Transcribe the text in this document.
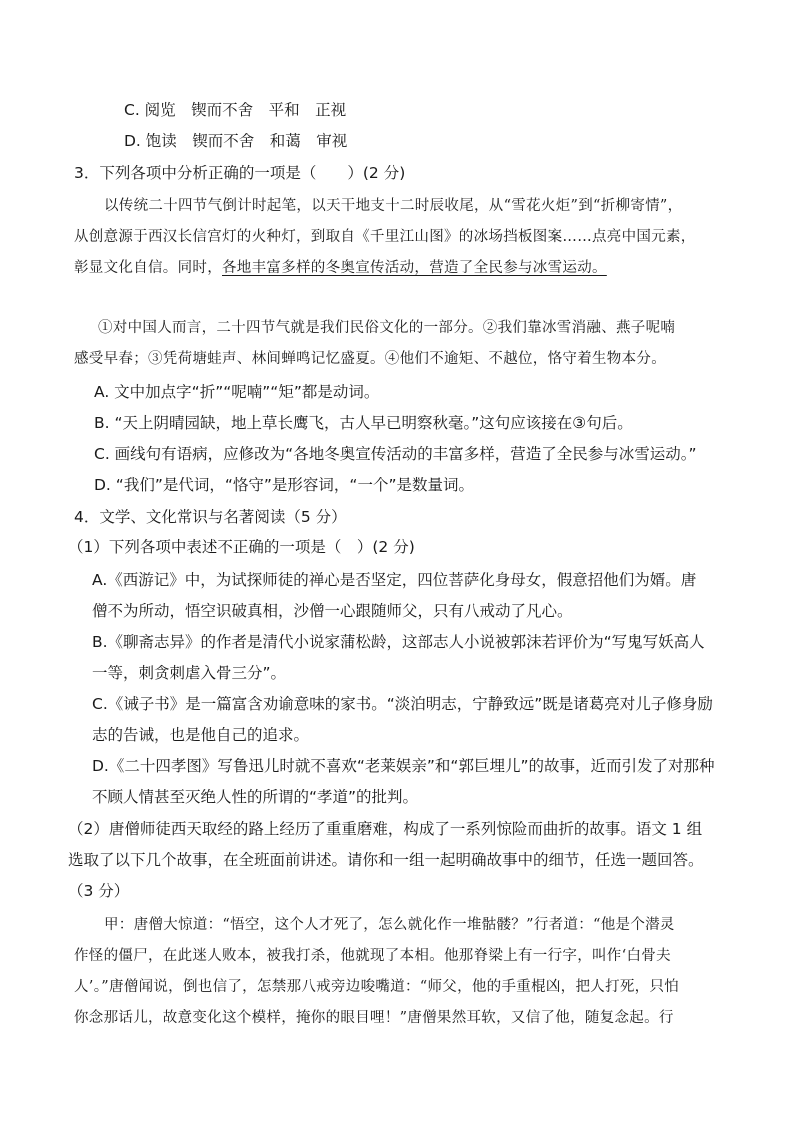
C. 阅览　锲而不舍　平和　正视
D. 饱读　锲而不舍　和蔼　审视
3．下列各项中分析正确的一项是（　　）(2 分)
以传统二十四节气倒计时起笔，以天干地支十二时辰收尾，从“雪花火炬”到“折柳寄情”，
从创意源于西汉长信宫灯的火种灯，到取自《千里江山图》的冰场挡板图案……点亮中国元素，
彰显文化自信。同时，各地丰富多样的冬奥宣传活动，营造了全民参与冰雪运动。
①对中国人而言，二十四节气就是我们民俗文化的一部分。②我们靠冰雪消融、燕子呢喃
感受早春；③凭荷塘蛙声、林间蝉鸣记忆盛夏。④他们不逾矩、不越位，恪守着生物本分。
A. 文中加点字“折”“呢喃”“矩”都是动词。
B. “天上阴晴园缺，地上草长鹰飞，古人早已明察秋毫。”这句应该接在③句后。
C. 画线句有语病，应修改为“各地冬奥宣传活动的丰富多样，营造了全民参与冰雪运动。”
D. “我们”是代词，“恪守”是形容词，“一个”是数量词。
4．文学、文化常识与名著阅读（5 分）
（1）下列各项中表述不正确的一项是（　）(2 分)
A.《西游记》中，为试探师徒的禅心是否坚定，四位菩萨化身母女，假意招他们为婿。唐
僧不为所动，悟空识破真相，沙僧一心跟随师父，只有八戒动了凡心。
B.《聊斋志异》的作者是清代小说家蒲松龄，这部志人小说被郭沫若评价为“写鬼写妖高人
一等，刺贪刺虐入骨三分”。
C.《诫子书》是一篇富含劝谕意味的家书。“淡泊明志，宁静致远”既是诸葛亮对儿子修身励
志的告诫，也是他自己的追求。
D.《二十四孝图》写鲁迅儿时就不喜欢“老莱娱亲”和“郭巨埋儿”的故事，近而引发了对那种
不顾人情甚至灭绝人性的所谓的“孝道”的批判。
（2）唐僧师徒西天取经的路上经历了重重磨难，构成了一系列惊险而曲折的故事。语文 1 组
选取了以下几个故事，在全班面前讲述。请你和一组一起明确故事中的细节，任选一题回答。
（3 分）
甲：唐僧大惊道：“悟空，这个人才死了，怎么就化作一堆骷髅？”行者道：“他是个潜灵
作怪的僵尸，在此迷人败本，被我打杀，他就现了本相。他那脊梁上有一行字，叫作‘白骨夫
人’。”唐僧闻说，倒也信了，怎禁那八戒旁边唆嘴道：“师父，他的手重棍凶，把人打死，只怕
你念那话儿，故意变化这个模样，掩你的眼目哩！”唐僧果然耳软，又信了他，随复念起。行
